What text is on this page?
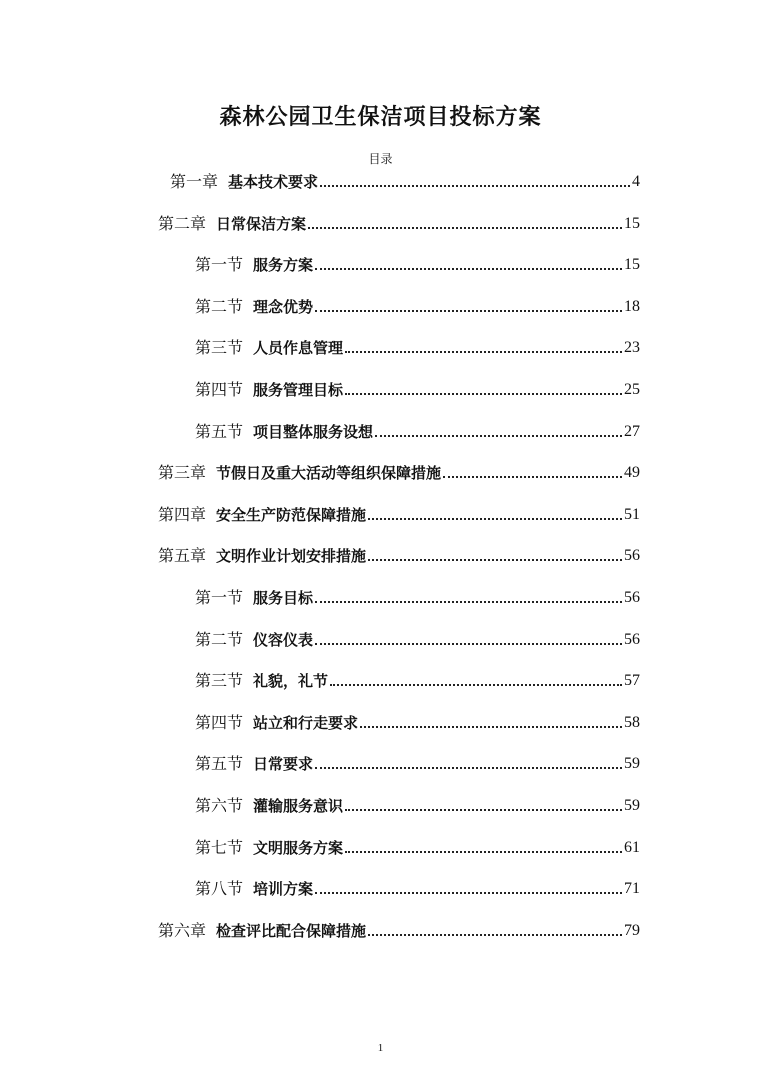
森林公园卫生保洁项目投标方案
目录
第一章 基本技术要求	4
第二章 日常保洁方案	15
第一节 服务方案	15
第二节 理念优势	18
第三节 人员作息管理	23
第四节 服务管理目标	25
第五节 项目整体服务设想	27
第三章 节假日及重大活动等组织保障措施	49
第四章 安全生产防范保障措施	51
第五章 文明作业计划安排措施	56
第一节 服务目标	56
第二节 仪容仪表	56
第三节 礼貌，礼节	57
第四节 站立和行走要求	58
第五节 日常要求	59
第六节 灌输服务意识	59
第七节 文明服务方案	61
第八节 培训方案	71
第六章 检查评比配合保障措施	79
1
